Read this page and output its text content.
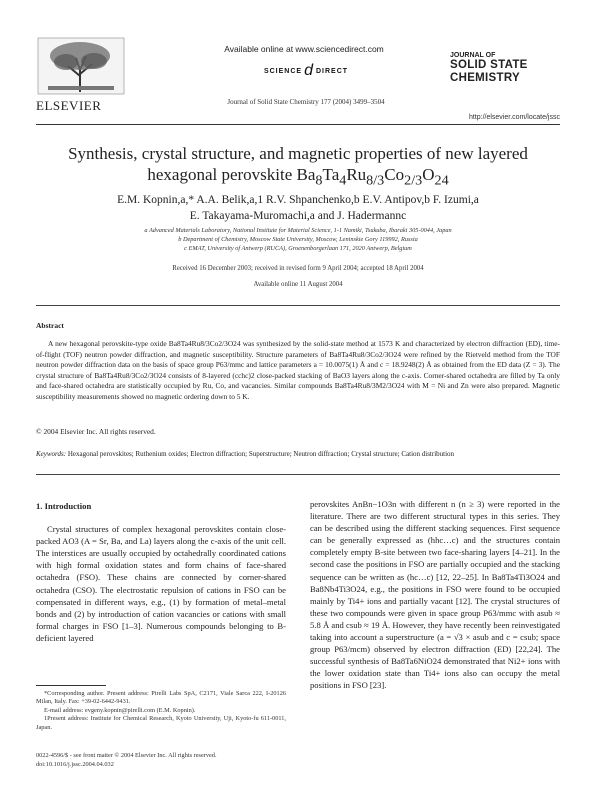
ELSEVIER
Available online at www.sciencedirect.com
SCIENCE d DIRECT
Journal of Solid State Chemistry 177 (2004) 3499–3504
JOURNAL OF
SOLID STATE
CHEMISTRY
http://elsevier.com/locate/jssc
Synthesis, crystal structure, and magnetic properties of new layered
hexagonal perovskite $Ba_8Ta_4Ru_{8/3}Co_{2/3}O_{24}$
E.M. Kopnin,a,* A.A. Belik,a,1 R.V. Shpanchenko,b E.V. Antipov,b F. Izumi,a
E. Takayama-Muromachi,a and J. Hadermannc
a Advanced Materials Laboratory, National Institute for Material Science, 1-1 Namiki, Tsukuba, Ibaraki 305-0044, Japan
b Department of Chemistry, Moscow State University, Moscow, Leninskie Gory 119992, Russia
c EMAT, University of Antwerp (RUCA), Groenenborgerlaan 171, 2020 Antwerp, Belgium
Received 16 December 2003; received in revised form 9 April 2004; accepted 18 April 2004
Available online 11 August 2004
Abstract
A new hexagonal perovskite-type oxide Ba8Ta4Ru8/3Co2/3O24 was synthesized by the solid-state method at 1573 K and characterized by electron diffraction (ED), time-of-flight (TOF) neutron powder diffraction, and magnetic susceptibility. Structure parameters of Ba8Ta4Ru8/3Co2/3O24 were refined by the Rietveld method from the TOF neutron powder diffraction data on the basis of space group P63/mmc and lattice parameters a = 10.0075(1) Å and c = 18.9248(2) Å as obtained from the ED data (Z = 3). The crystal structure of Ba8Ta4Ru8/3Co2/3O24 consists of 8-layered (cchc)2 close-packed stacking of BaO3 layers along the c-axis. Corner-shared octahedra are filled by Ta only and face-shared octahedra are statistically occupied by Ru, Co, and vacancies. Similar compounds Ba8Ta4Ru8/3M2/3O24 with M = Ni and Zn were also prepared. Magnetic susceptibility measurements showed no magnetic ordering down to 5 K.
© 2004 Elsevier Inc. All rights reserved.
Keywords: Hexagonal perovskites; Ruthenium oxides; Electron diffraction; Superstructure; Neutron diffraction; Crystal structure; Cation distribution
1. Introduction
Crystal structures of complex hexagonal perovskites contain close-packed AO3 (A = Sr, Ba, and La) layers along the c-axis of the unit cell. The interstices are usually occupied by octahedrally coordinated cations with high formal oxidation states and form chains of face-shared octahedra (FSO). These chains are connected by corner-shared octahedra (CSO). The electrostatic repulsion of cations in FSO can be compensated in different ways, e.g., (1) by formation of metal–metal bonds and (2) by introduction of cation vacancies or cations with small formal charges in FSO [1–3]. Numerous compounds belonging to B-deficient layered
perovskites AnBn−1O3n with different n (n ≥ 3) were reported in the literature. There are two different structural types in this series. They can be described using the different stacking sequences. First sequence can be generally expressed as (hhc…c) and the structures contain completely empty B-site between two face-sharing layers [4–21]. In the second case the positions in FSO are partially occupied and the stacking sequence can be written as (hc…c) [12, 22–25]. In Ba8Ta4Ti3O24 and Ba8Nb4Ti3O24, e.g., the positions in FSO were found to be occupied mainly by Ti4+ ions and partially vacant [12]. The crystal structures of these two compounds were given in space group P63/mmc with asub ≈ 5.8 Å and csub ≈ 19 Å. However, they have recently been reinvestigated taking into account a superstructure (a = √3 × asub and c = csub; space group P63/mcm) observed by electron diffraction (ED) [22,24]. The successful synthesis of Ba8Ta6NiO24 demonstrated that Ni2+ ions with the lower oxidation state than Ti4+ ions also can occupy the metal positions in FSO [23].

*Corresponding author. Present address: Pirelli Labs SpA, C2171, Viale Sarca 222, I-20126 Milan, Italy. Fax: +39-02-6442-9431.

E-mail address: evgeny.kopnin@pirelli.com (E.M. Kopnin).

1Present address: Institute for Chemical Research, Kyoto University, Uji, Kyoto-fu 611-0011, Japan.

0022-4596/$ - see front matter © 2004 Elsevier Inc. All rights reserved.
doi:10.1016/j.jssc.2004.04.032
